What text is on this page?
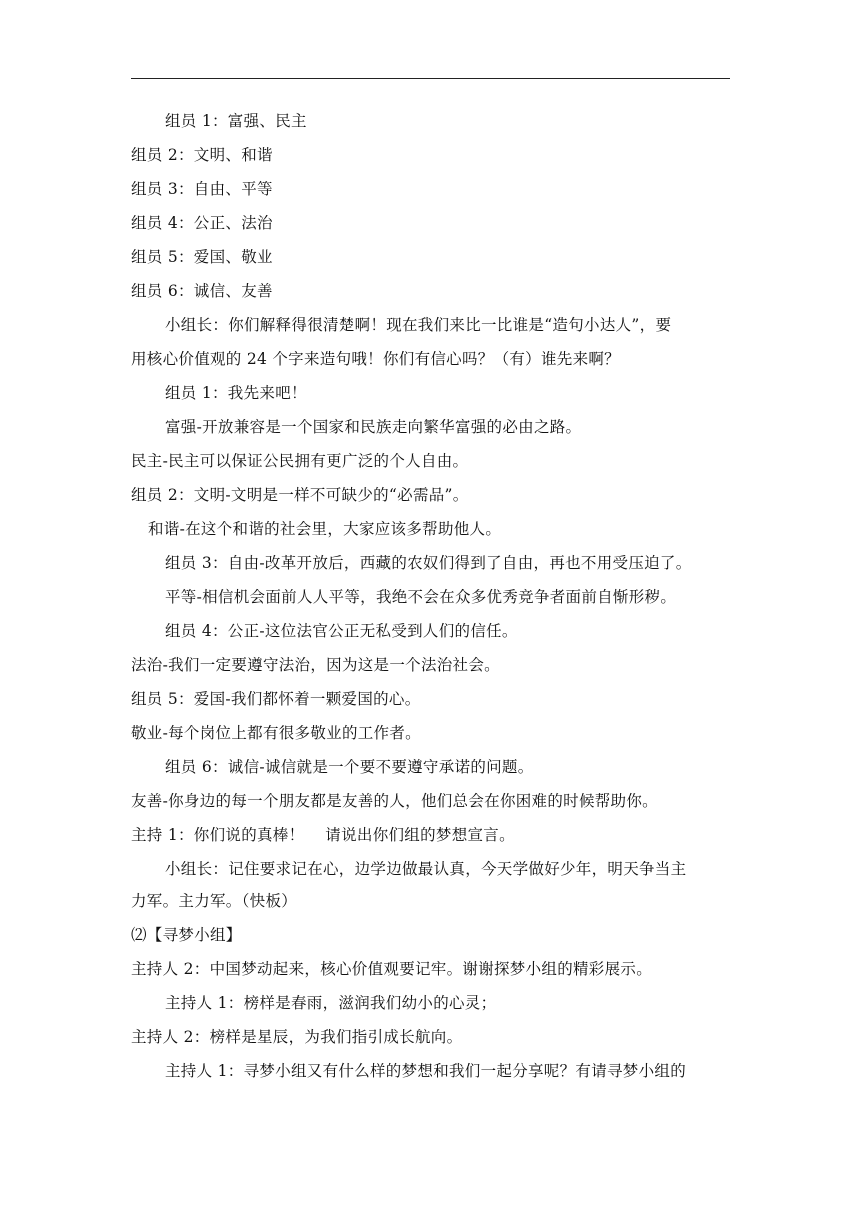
组员 1：富强、民主
组员 2：文明、和谐
组员 3：自由、平等
组员 4：公正、法治
组员 5：爱国、敬业
组员 6：诚信、友善
小组长：你们解释得很清楚啊！现在我们来比一比谁是“造句小达人”，要
用核心价值观的 24 个字来造句哦！你们有信心吗？（有）谁先来啊？
组员 1：我先来吧！
富强-开放兼容是一个国家和民族走向繁华富强的必由之路。
民主-民主可以保证公民拥有更广泛的个人自由。
组员 2：文明-文明是一样不可缺少的“必需品”。
和谐-在这个和谐的社会里，大家应该多帮助他人。
组员 3：自由-改革开放后，西藏的农奴们得到了自由，再也不用受压迫了。
平等-相信机会面前人人平等，我绝不会在众多优秀竞争者面前自惭形秽。
组员 4：公正-这位法官公正无私受到人们的信任。
法治-我们一定要遵守法治，因为这是一个法治社会。
组员 5：爱国-我们都怀着一颗爱国的心。
敬业-每个岗位上都有很多敬业的工作者。
组员 6：诚信-诚信就是一个要不要遵守承诺的问题。
友善-你身边的每一个朋友都是友善的人，他们总会在你困难的时候帮助你。
主持 1：你们说的真棒！    请说出你们组的梦想宣言。
小组长：记住要求记在心，边学边做最认真，今天学做好少年，明天争当主
力军。主力军。（快板）
⑵【寻梦小组】
主持人 2：中国梦动起来，核心价值观要记牢。谢谢探梦小组的精彩展示。
主持人 1：榜样是春雨，滋润我们幼小的心灵；
主持人 2：榜样是星辰，为我们指引成长航向。
主持人 1：寻梦小组又有什么样的梦想和我们一起分享呢？有请寻梦小组的
